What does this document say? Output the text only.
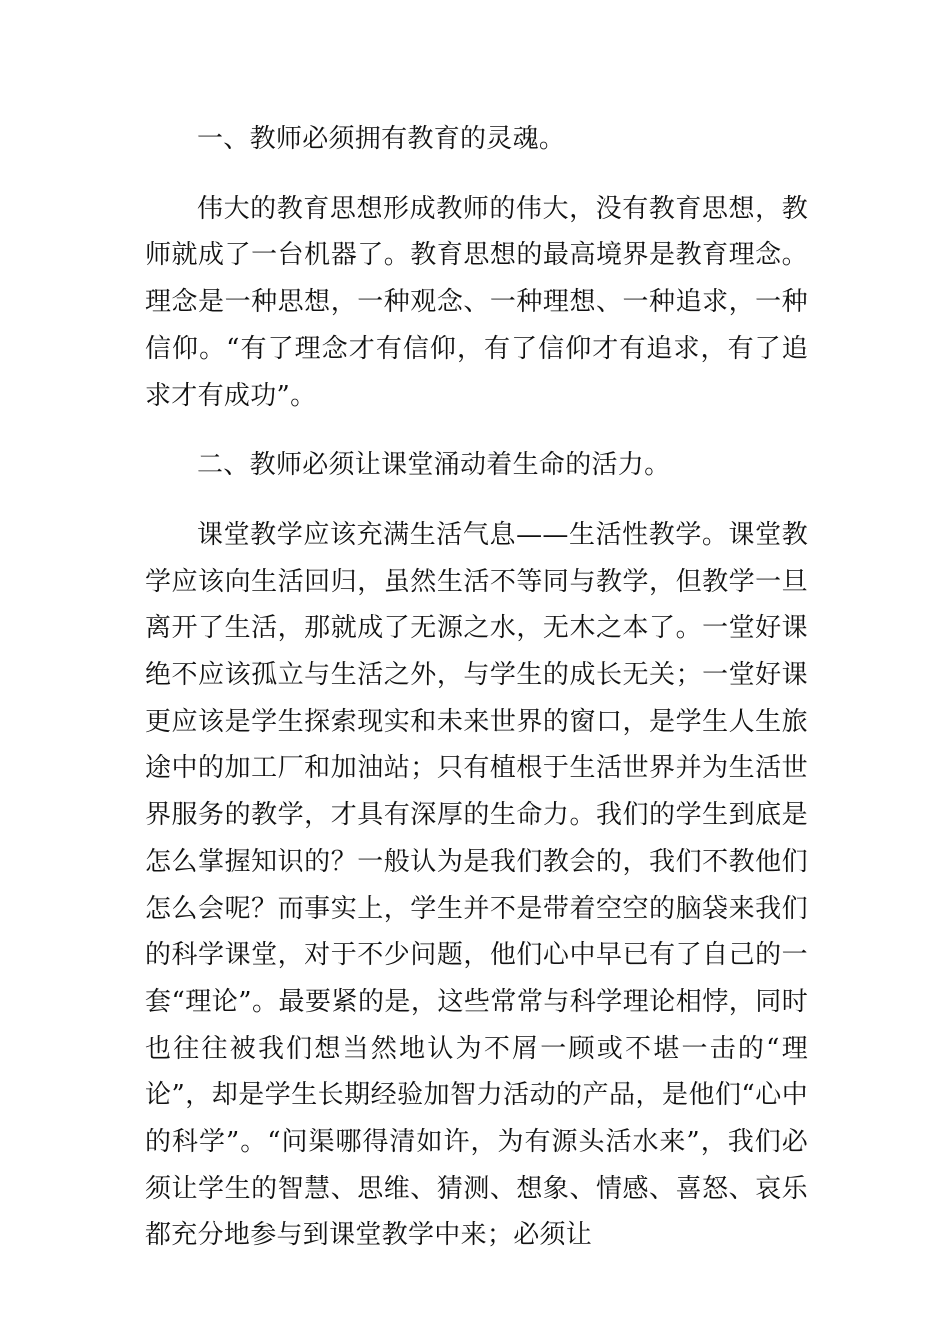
一、教师必须拥有教育的灵魂。

伟大的教育思想形成教师的伟大，没有教育思想，教师就成了一台机器了。教育思想的最高境界是教育理念。理念是一种思想，一种观念、一种理想、一种追求，一种信仰。“有了理念才有信仰，有了信仰才有追求，有了追求才有成功”。

二、教师必须让课堂涌动着生命的活力。

课堂教学应该充满生活气息——生活性教学。课堂教学应该向生活回归，虽然生活不等同与教学，但教学一旦离开了生活，那就成了无源之水，无木之本了。一堂好课绝不应该孤立与生活之外，与学生的成长无关；一堂好课更应该是学生探索现实和未来世界的窗口，是学生人生旅途中的加工厂和加油站；只有植根于生活世界并为生活世界服务的教学，才具有深厚的生命力。我们的学生到底是怎么掌握知识的？一般认为是我们教会的，我们不教他们怎么会呢？而事实上，学生并不是带着空空的脑袋来我们的科学课堂，对于不少问题，他们心中早已有了自己的一套“理论”。最要紧的是，这些常常与科学理论相悖，同时也往往被我们想当然地认为不屑一顾或不堪一击的“理论”，却是学生长期经验加智力活动的产品，是他们“心中的科学”。“问渠哪得清如许，为有源头活水来”，我们必须让学生的智慧、思维、猜测、想象、情感、喜怒、哀乐都充分地参与到课堂教学中来；必须让
